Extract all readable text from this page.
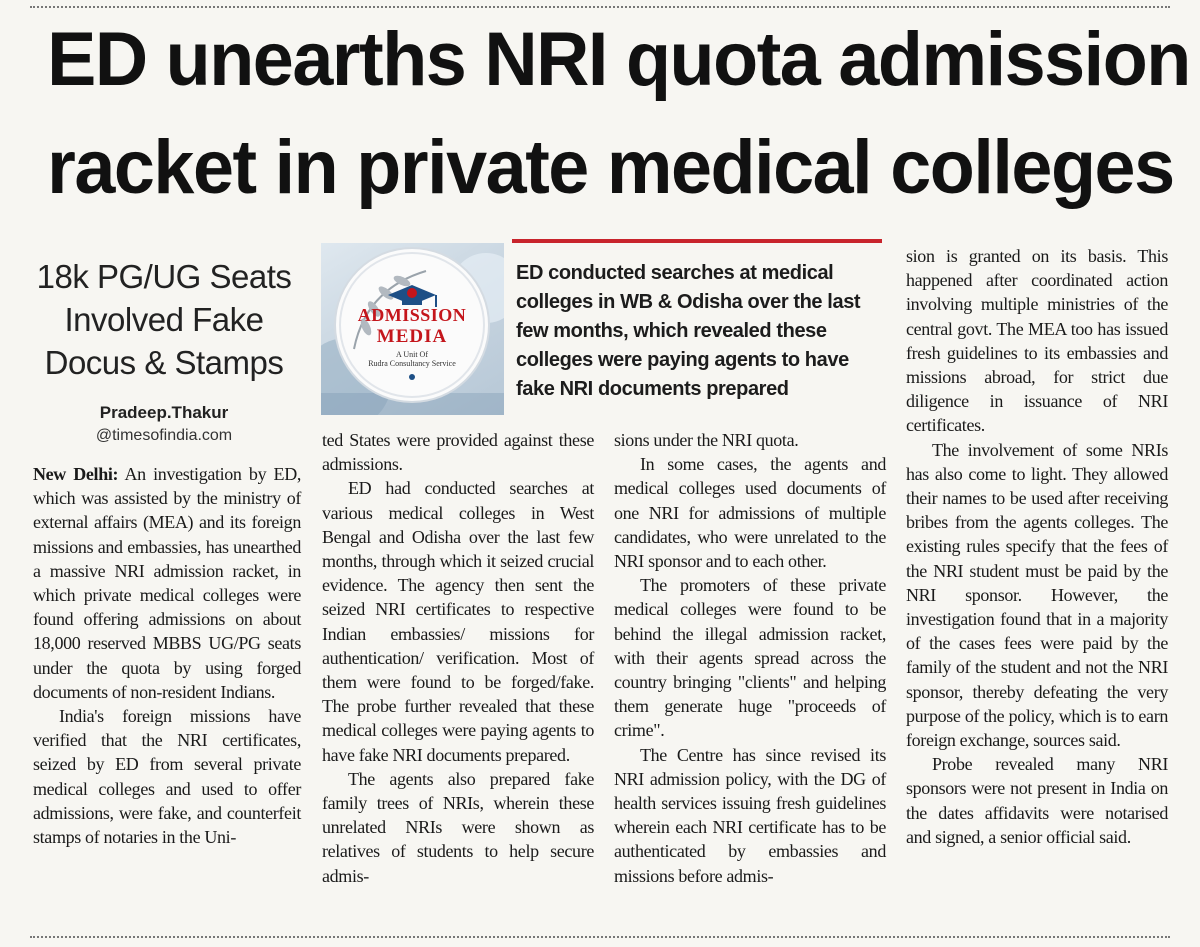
ED unearths NRI quota admission
racket in private medical colleges
18k PG/UG Seats
Involved Fake
Docus & Stamps
Pradeep.Thakur
@timesofindia.com
ADMISSION
MEDIA
A Unit Of
Rudra Consultancy Service
ED conducted searches at medical
colleges in WB & Odisha over the last
few months, which revealed these
colleges were paying agents to have
fake NRI documents prepared

New Delhi: An investigation by ED, which was assisted by the ministry of external affairs (MEA) and its foreign missions and embassies, has unearthed a massive NRI admission racket, in which private medical colleges were found offering admissions on about 18,000 reserved MBBS UG/PG seats under the quota by using forged documents of non-resident Indians.

India's foreign missions have verified that the NRI certificates, seized by ED from several private medical colleges and used to offer admissions, were fake, and counterfeit stamps of notaries in the Uni-

ted States were provided against these admissions.

ED had conducted searches at various medical colleges in West Bengal and Odisha over the last few months, through which it seized crucial evidence. The agency then sent the seized NRI certificates to respective Indian embassies/ missions for authentication/ verification. Most of them were found to be forged/fake. The probe further revealed that these medical colleges were paying agents to have fake NRI documents prepared.

The agents also prepared fake family trees of NRIs, wherein these unrelated NRIs were shown as relatives of students to help secure admis-

sions under the NRI quota.

In some cases, the agents and medical colleges used documents of one NRI for admissions of multiple candidates, who were unrelated to the NRI sponsor and to each other.

The promoters of these private medical colleges were found to be behind the illegal admission racket, with their agents spread across the country bringing "clients" and helping them generate huge "proceeds of crime".

The Centre has since revised its NRI admission policy, with the DG of health services issuing fresh guidelines wherein each NRI certificate has to be authenticated by embassies and missions before admis-

sion is granted on its basis. This happened after coordinated action involving multiple ministries of the central govt. The MEA too has issued fresh guidelines to its embassies and missions abroad, for strict due diligence in issuance of NRI certificates.

The involvement of some NRIs has also come to light. They allowed their names to be used after receiving bribes from the agents colleges. The existing rules specify that the fees of the NRI student must be paid by the NRI sponsor. However, the investigation found that in a majority of the cases fees were paid by the family of the student and not the NRI sponsor, thereby defeating the very purpose of the policy, which is to earn foreign exchange, sources said.

Probe revealed many NRI sponsors were not present in India on the dates affidavits were notarised and signed, a senior official said.
